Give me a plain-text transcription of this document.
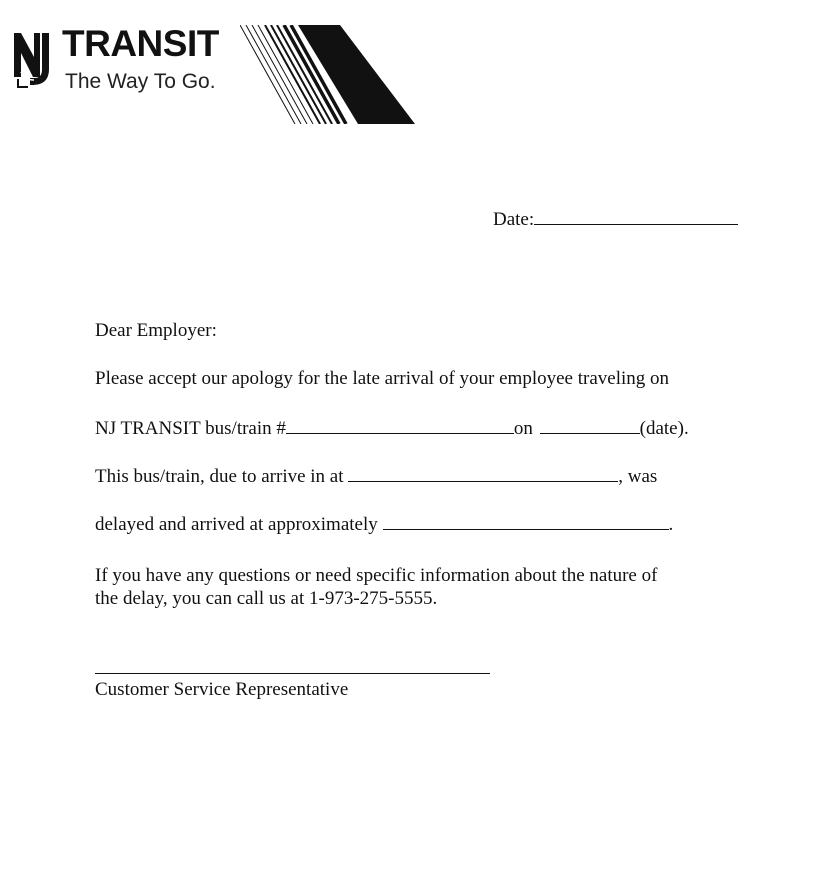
TRANSIT
The Way To Go.
Date:
Dear Employer:
Please accept our apology for the late arrival of your employee traveling on
NJ TRANSIT bus/train #	on	(date).
This bus/train, due to arrive in at	, was
delayed and arrived at approximately	.
If you have any questions or need specific information about the nature of
the delay, you can call us at 1-973-275-5555.
Customer Service Representative
